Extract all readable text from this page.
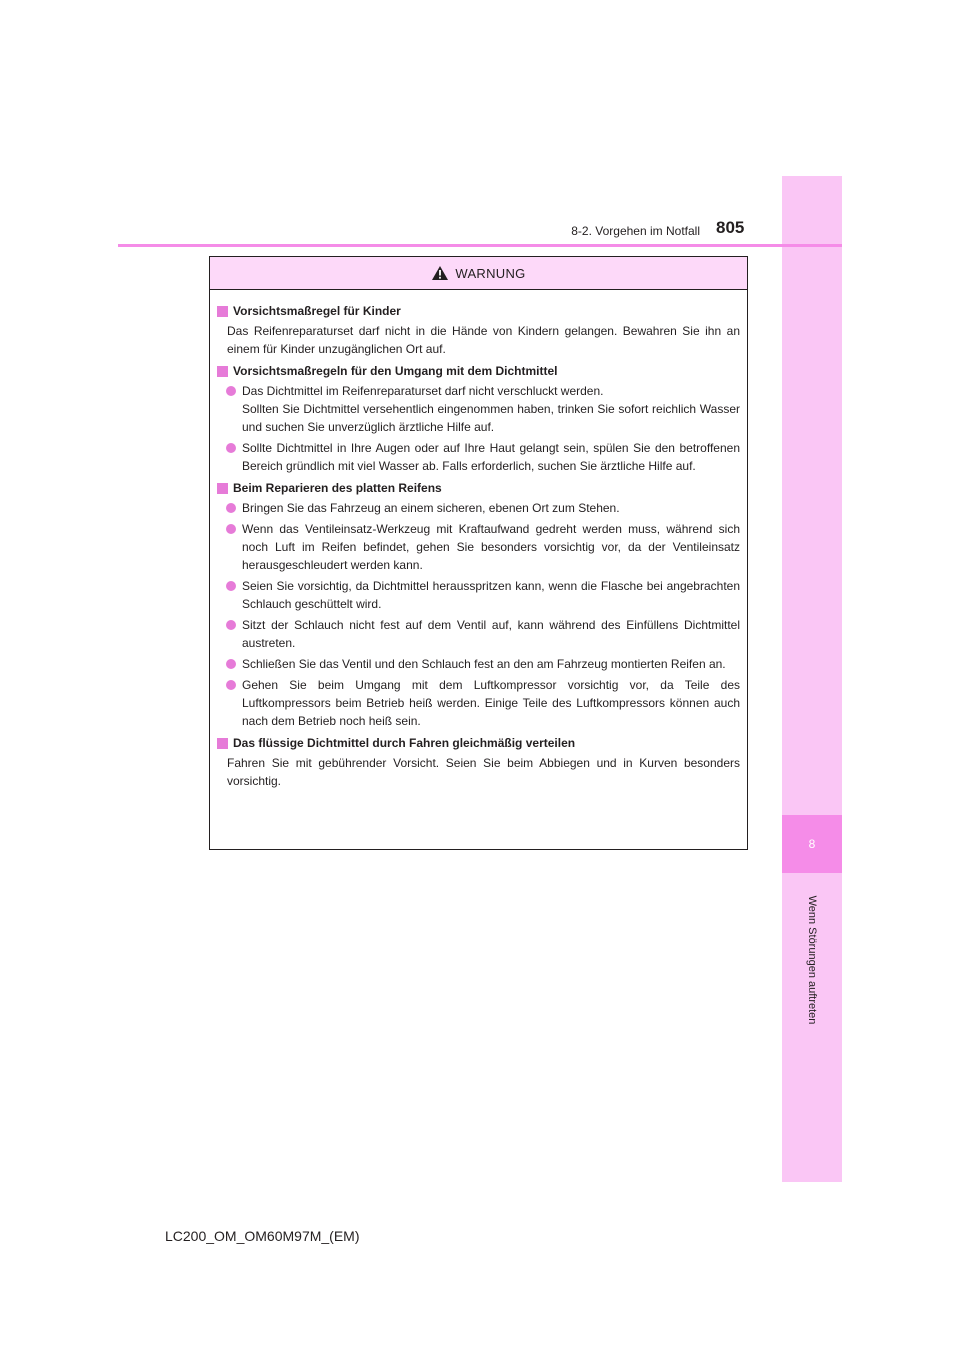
8
Wenn Störungen auftreten
8-2. Vorgehen im Notfall 805
WARNUNG
Vorsichtsmaßregel für Kinder
Das Reifenreparaturset darf nicht in die Hände von Kindern gelangen. Bewahren Sie ihn an einem für Kinder unzugänglichen Ort auf.
Vorsichtsmaßregeln für den Umgang mit dem Dichtmittel
Das Dichtmittel im Reifenreparaturset darf nicht verschluckt werden.
Sollten Sie Dichtmittel versehentlich eingenommen haben, trinken Sie sofort reichlich Wasser und suchen Sie unverzüglich ärztliche Hilfe auf.
Sollte Dichtmittel in Ihre Augen oder auf Ihre Haut gelangt sein, spülen Sie den betroffenen Bereich gründlich mit viel Wasser ab. Falls erforderlich, suchen Sie ärztliche Hilfe auf.
Beim Reparieren des platten Reifens
Bringen Sie das Fahrzeug an einem sicheren, ebenen Ort zum Stehen.
Wenn das Ventileinsatz-Werkzeug mit Kraftaufwand gedreht werden muss, während sich noch Luft im Reifen befindet, gehen Sie besonders vorsichtig vor, da der Ventileinsatz herausgeschleudert werden kann.
Seien Sie vorsichtig, da Dichtmittel herausspritzen kann, wenn die Flasche bei angebrachten Schlauch geschüttelt wird.
Sitzt der Schlauch nicht fest auf dem Ventil auf, kann während des Einfüllens Dichtmittel austreten.
Schließen Sie das Ventil und den Schlauch fest an den am Fahrzeug montierten Reifen an.
Gehen Sie beim Umgang mit dem Luftkompressor vorsichtig vor, da Teile des Luftkompressors beim Betrieb heiß werden. Einige Teile des Luftkompressors können auch nach dem Betrieb noch heiß sein.
Das flüssige Dichtmittel durch Fahren gleichmäßig verteilen
Fahren Sie mit gebührender Vorsicht. Seien Sie beim Abbiegen und in Kurven besonders vorsichtig.
LC200_OM_OM60M97M_(EM)
